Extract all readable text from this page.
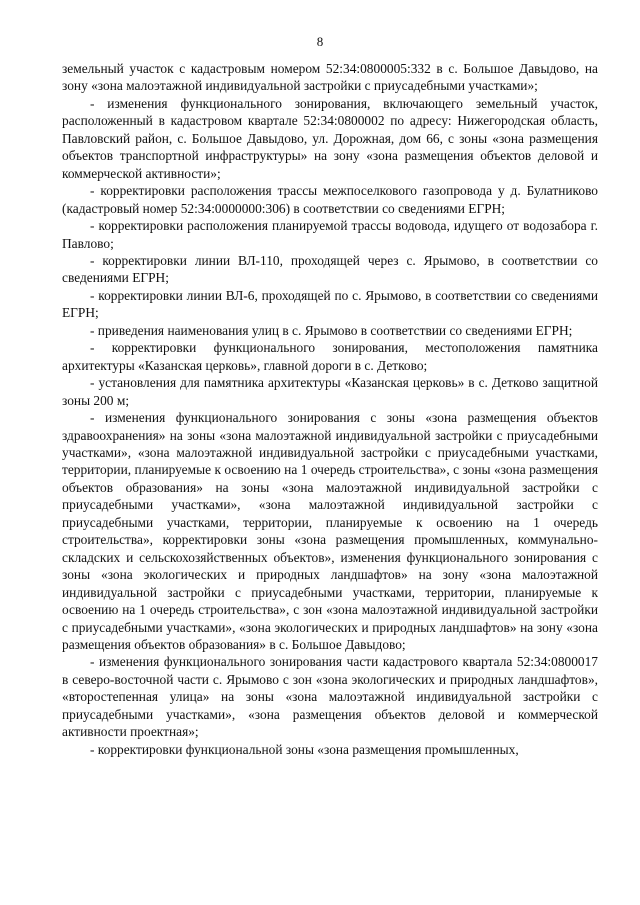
8

земельный участок с кадастровым номером 52:34:0800005:332 в с. Большое Давыдово, на зону «зона малоэтажной индивидуальной застройки с приусадебными участками»;

- изменения функционального зонирования, включающего земельный участок, расположенный в кадастровом квартале 52:34:0800002 по адресу: Нижегородская область, Павловский район, с. Большое Давыдово, ул. Дорожная, дом 66, с зоны «зона размещения объектов транспортной инфраструктуры» на зону «зона размещения объектов деловой и коммерческой активности»;

- корректировки расположения трассы межпоселкового газопровода у д. Булатниково (кадастровый номер 52:34:0000000:306) в соответствии со сведениями ЕГРН;

- корректировки расположения планируемой трассы водовода, идущего от водозабора г. Павлово;

- корректировки линии ВЛ-110, проходящей через с. Ярымово, в соответствии со сведениями ЕГРН;

- корректировки линии ВЛ-6, проходящей по с. Ярымово, в соответствии со сведениями ЕГРН;

- приведения наименования улиц в с. Ярымово в соответствии со сведениями ЕГРН;

- корректировки функционального зонирования, местоположения памятника архитектуры «Казанская церковь», главной дороги в с. Детково;

- установления для памятника архитектуры «Казанская церковь» в с. Детково защитной зоны 200 м;

- изменения функционального зонирования с зоны «зона размещения объектов здравоохранения» на зоны «зона малоэтажной индивидуальной застройки с приусадебными участками», «зона малоэтажной индивидуальной застройки с приусадебными участками, территории, планируемые к освоению на 1 очередь строительства», с зоны «зона размещения объектов образования» на зоны «зона малоэтажной индивидуальной застройки с приусадебными участками», «зона малоэтажной индивидуальной застройки с приусадебными участками, территории, планируемые к освоению на 1 очередь строительства», корректировки зоны «зона размещения промышленных, коммунально-складских и сельскохозяйственных объектов», изменения функционального зонирования с зоны «зона экологических и природных ландшафтов» на зону «зона малоэтажной индивидуальной застройки с приусадебными участками, территории, планируемые к освоению на 1 очередь строительства», с зон «зона малоэтажной индивидуальной застройки с приусадебными участками», «зона экологических и природных ландшафтов» на зону «зона размещения объектов образования» в с. Большое Давыдово;

- изменения функционального зонирования части кадастрового квартала 52:34:0800017 в северо-восточной части с. Ярымово с зон «зона экологических и природных ландшафтов», «второстепенная улица» на зоны «зона малоэтажной индивидуальной застройки с приусадебными участками», «зона размещения объектов деловой и коммерческой активности проектная»;

- корректировки функциональной зоны «зона размещения промышленных,
